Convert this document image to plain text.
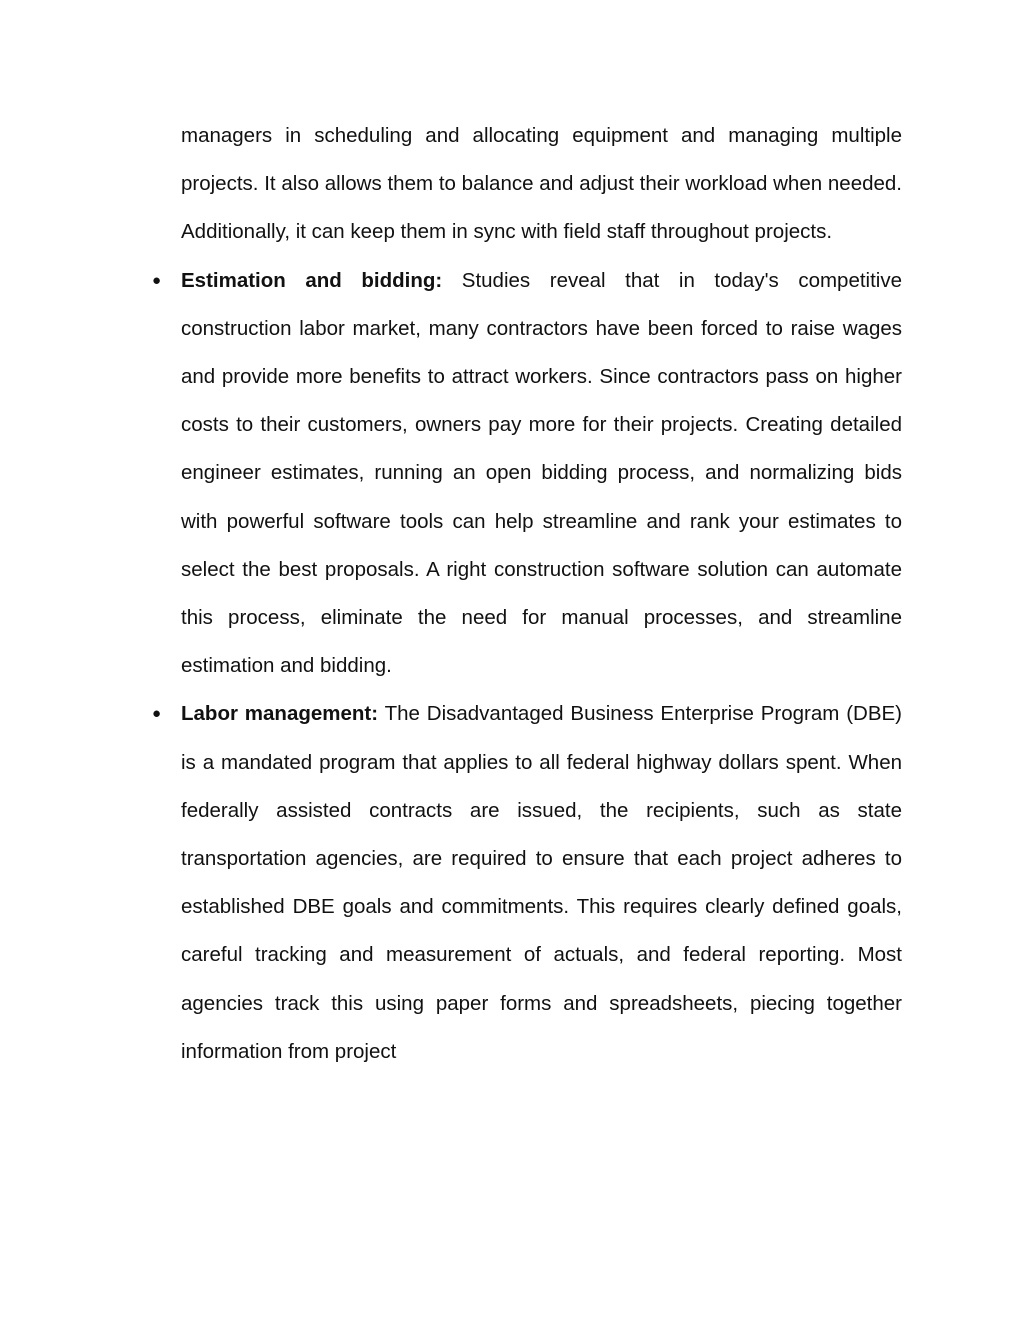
managers in scheduling and allocating equipment and managing multiple projects. It also allows them to balance and adjust their workload when needed. Additionally, it can keep them in sync with field staff throughout projects.

● Estimation and bidding: Studies reveal that in today's competitive construction labor market, many contractors have been forced to raise wages and provide more benefits to attract workers. Since contractors pass on higher costs to their customers, owners pay more for their projects. Creating detailed engineer estimates, running an open bidding process, and normalizing bids with powerful software tools can help streamline and rank your estimates to select the best proposals. A right construction software solution can automate this process, eliminate the need for manual processes, and streamline estimation and bidding.

● Labor management: The Disadvantaged Business Enterprise Program (DBE) is a mandated program that applies to all federal highway dollars spent. When federally assisted contracts are issued, the recipients, such as state transportation agencies, are required to ensure that each project adheres to established DBE goals and commitments. This requires clearly defined goals, careful tracking and measurement of actuals, and federal reporting. Most agencies track this using paper forms and spreadsheets, piecing together information from project
